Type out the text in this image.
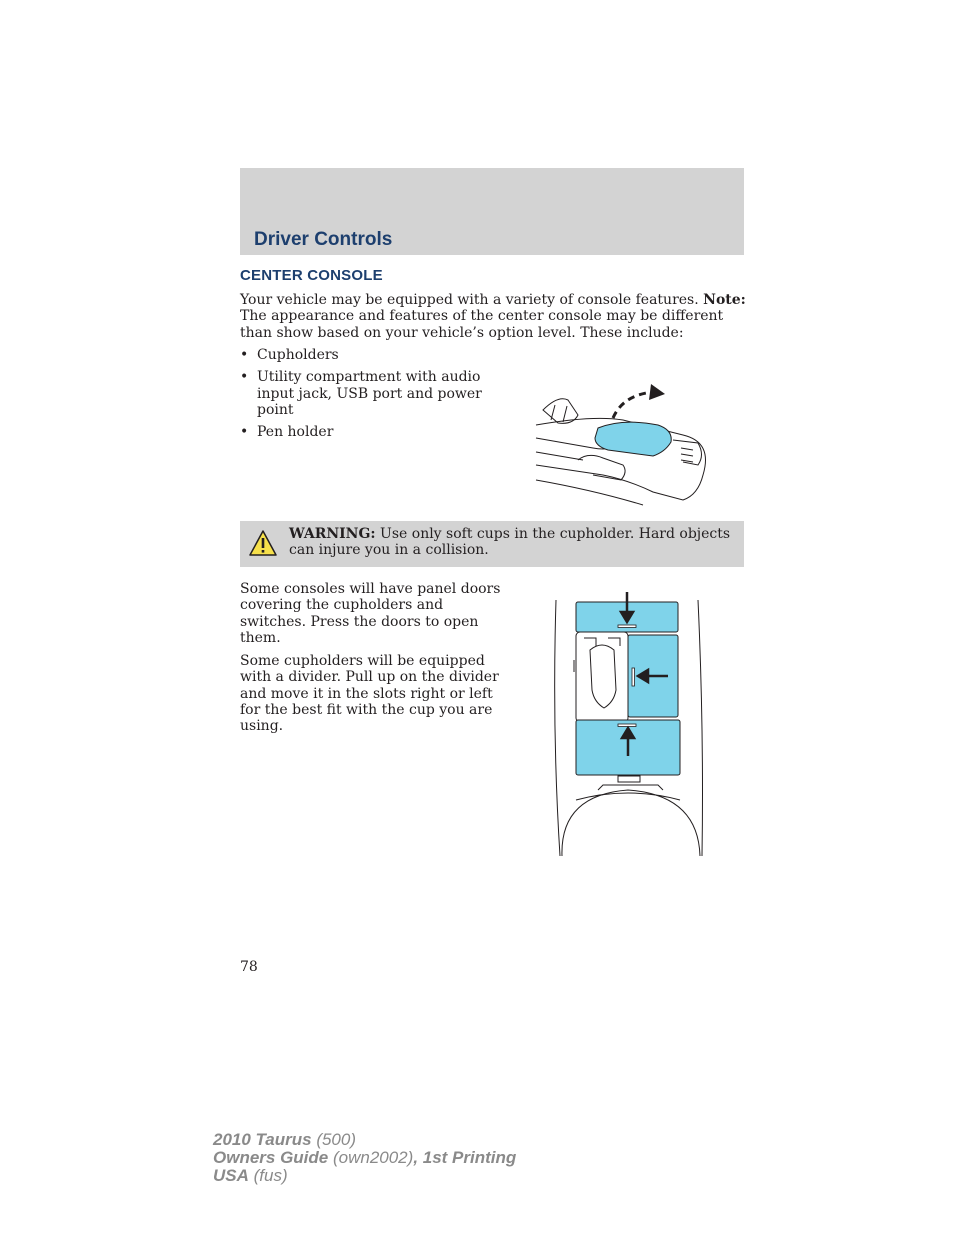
Driver Controls
CENTER CONSOLE
Your vehicle may be equipped with a variety of console features. Note: The appearance and features of the center console may be different than show based on your vehicle’s option level. These include:
• Cupholders
• Utility compartment with audio input jack, USB port and power point
• Pen holder
WARNING: Use only soft cups in the cupholder. Hard objects can injure you in a collision.
Some consoles will have panel doors covering the cupholders and switches. Press the doors to open them.
Some cupholders will be equipped with a divider. Pull up on the divider and move it in the slots right or left for the best fit with the cup you are using.
78
2010 Taurus (500)
Owners Guide (own2002), 1st Printing
USA (fus)
